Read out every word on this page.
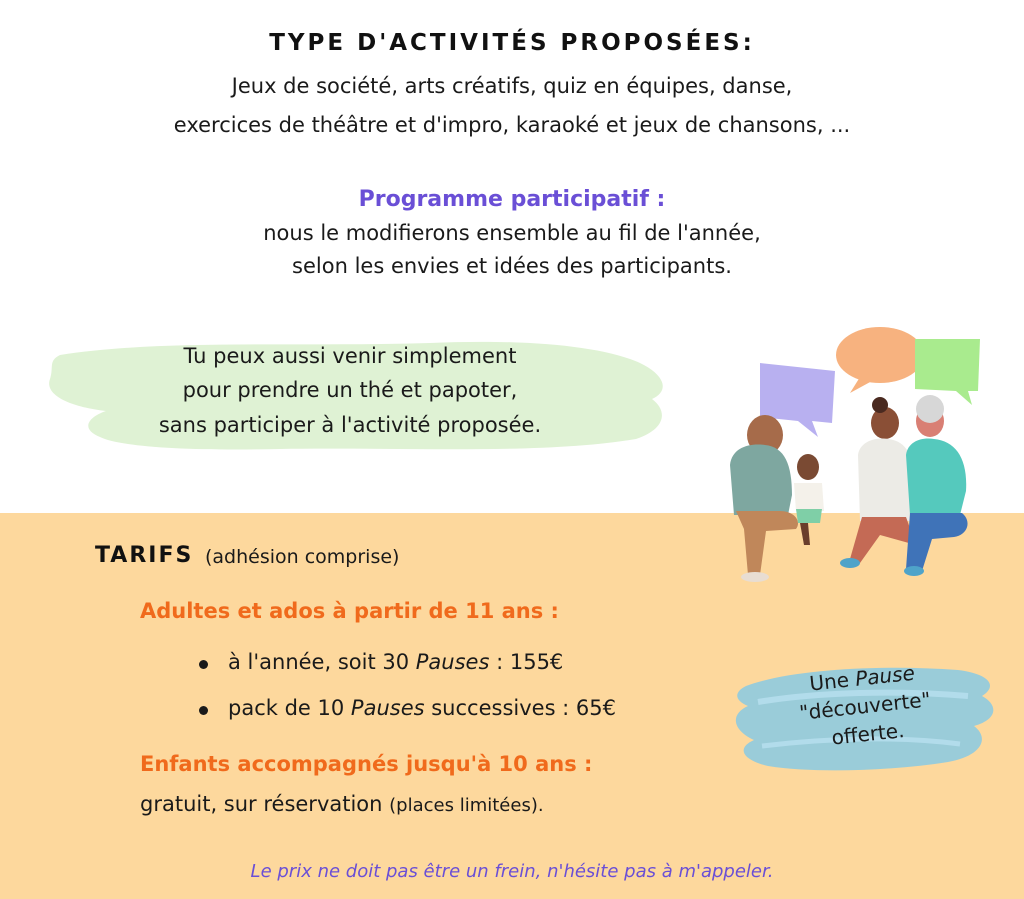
TYPE D'ACTIVITÉS PROPOSÉES:
Jeux de société, arts créatifs, quiz en équipes, danse,
exercices de théâtre et d'impro, karaoké et jeux de chansons, ...
Programme participatif :
nous le modifierons ensemble au fil de l'année,
selon les envies et idées des participants.
Tu peux aussi venir simplement
pour prendre un thé et papoter,
sans participer à l'activité proposée.
TARIFS (adhésion comprise)
Adultes et ados à partir de 11 ans :
à l'année, soit 30 Pauses : 155€
pack de 10 Pauses successives : 65€
Enfants accompagnés jusqu'à 10 ans :
gratuit, sur réservation (places limitées).
Une Pause
"découverte"
offerte.
Le prix ne doit pas être un frein, n'hésite pas à m'appeler.
